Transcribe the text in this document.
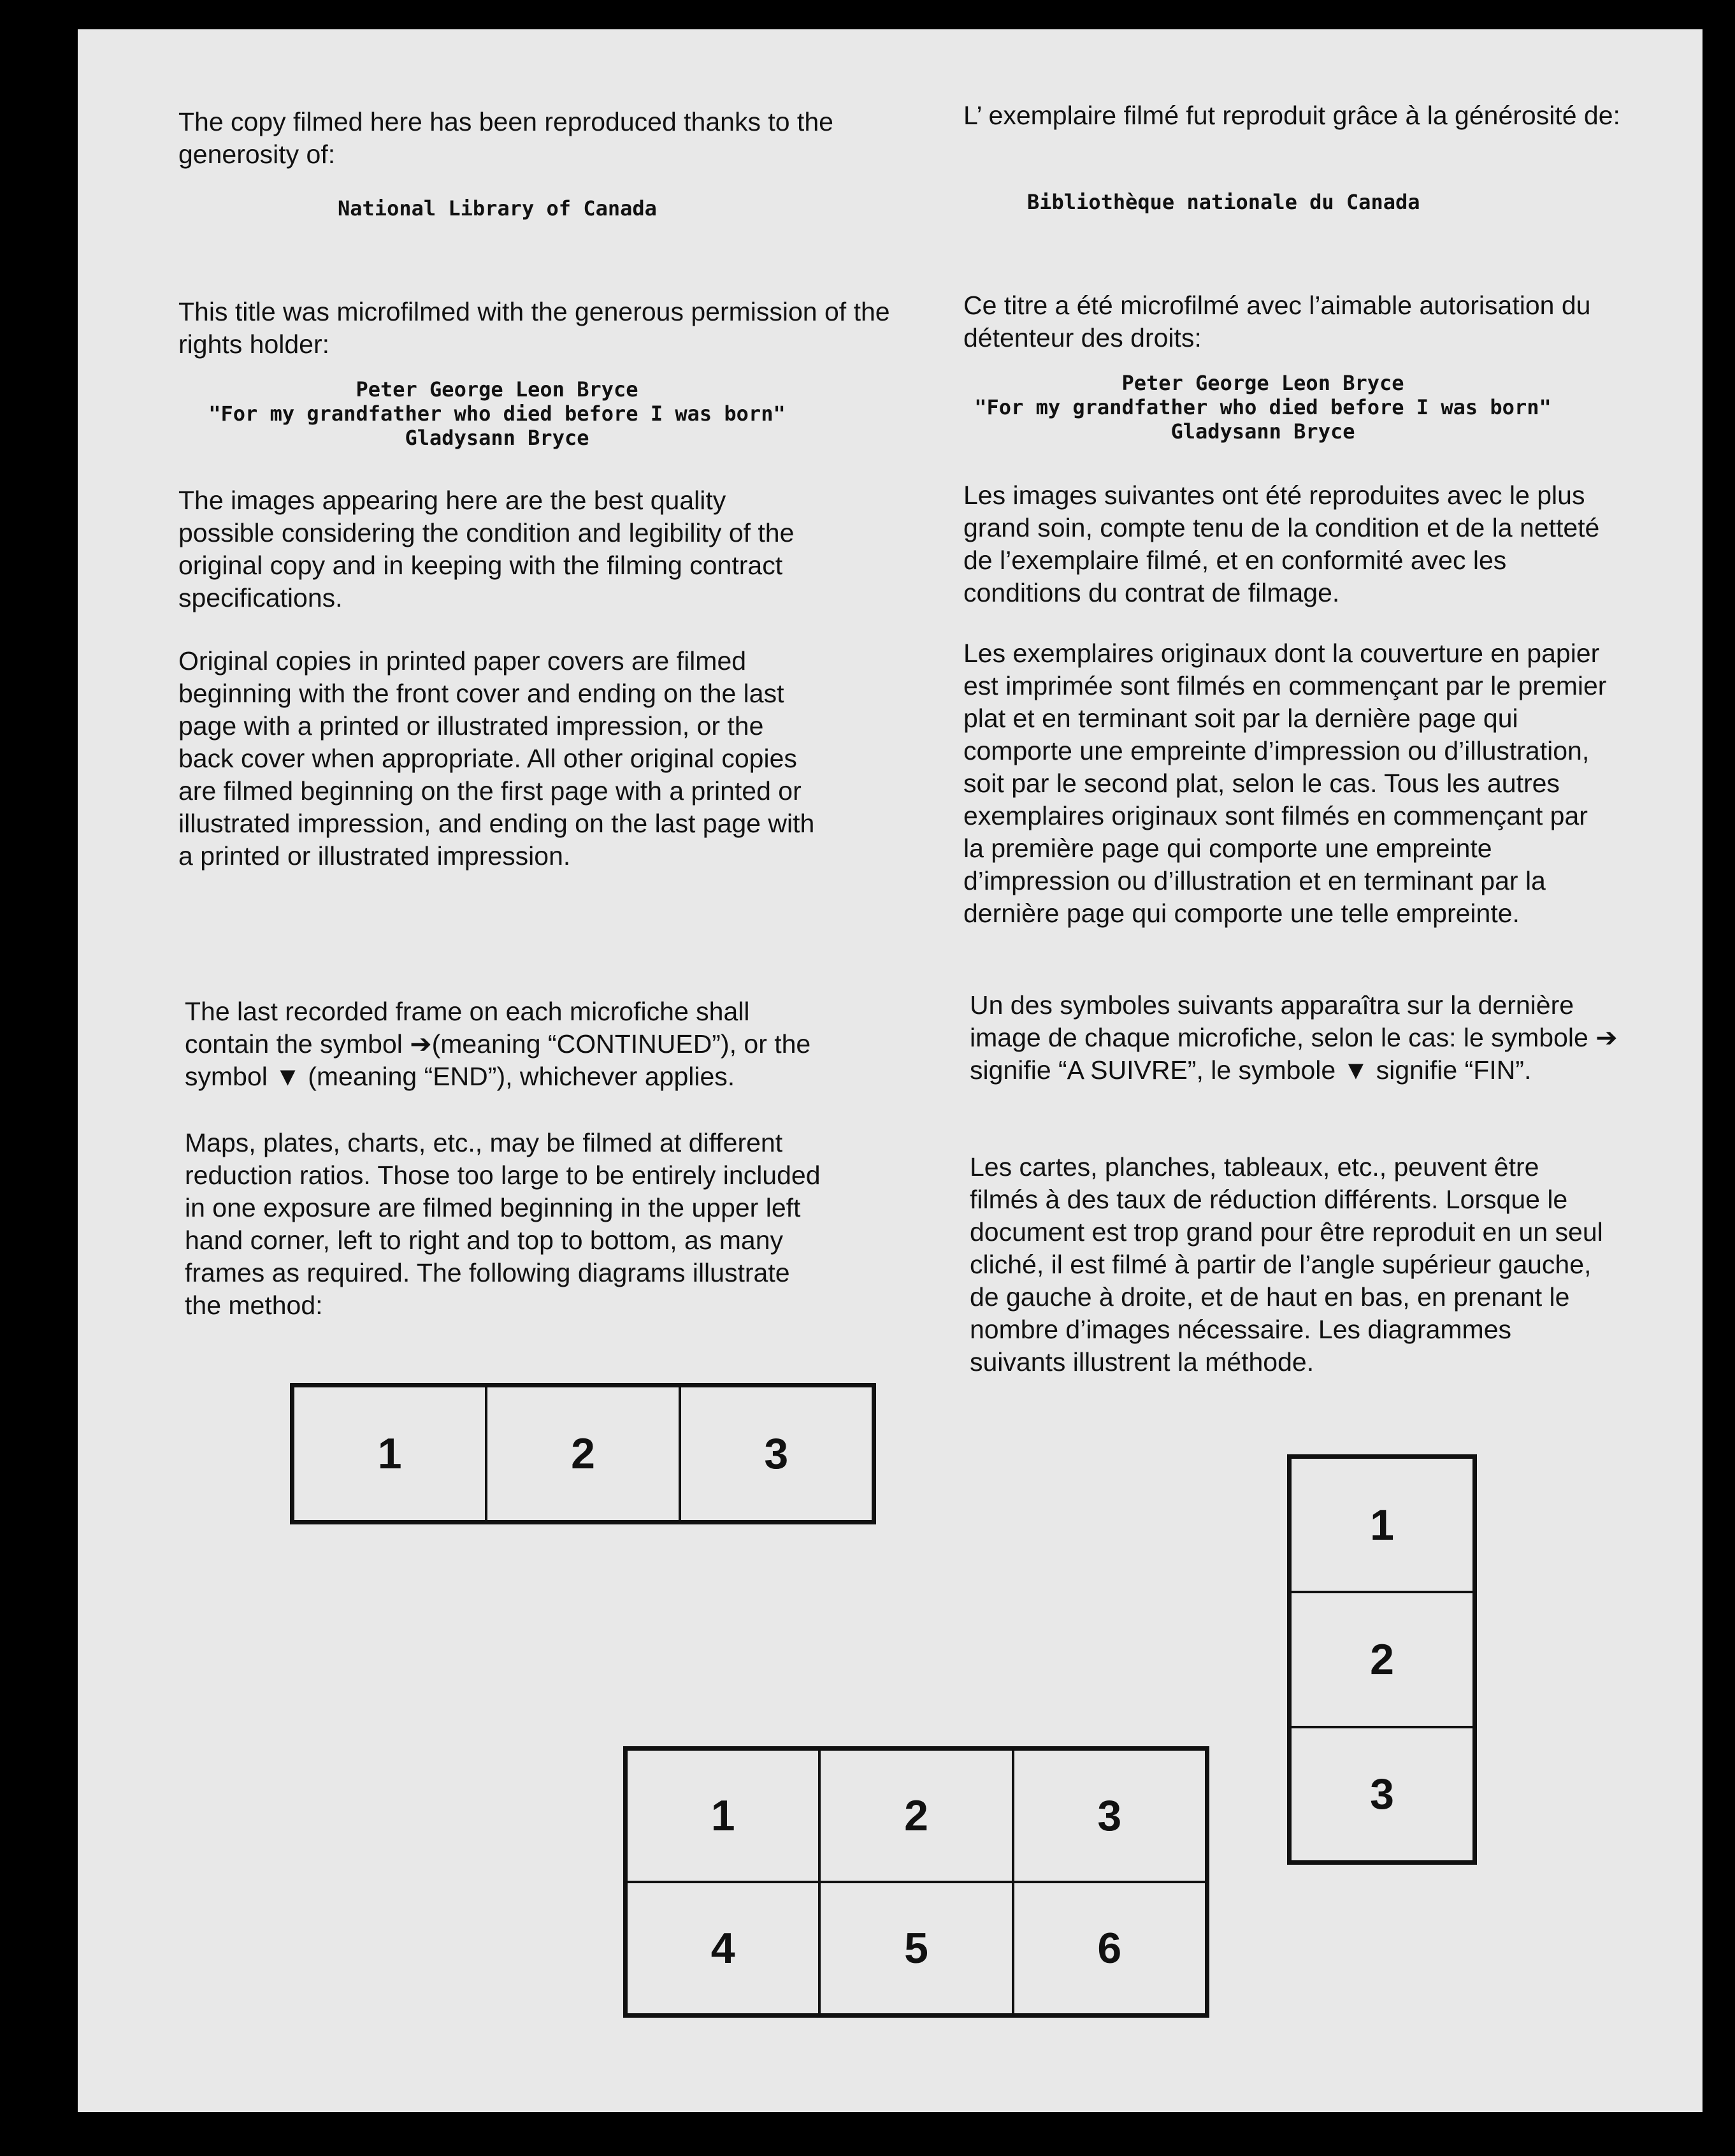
The copy filmed here has been reproduced thanks to the generosity of:

National Library of Canada

This title was microfilmed with the generous permission of the rights holder:

Peter George Leon Bryce
"For my grandfather who died before I was born"
Gladysann Bryce

The images appearing here are the best quality possible considering the condition and legibility of the original copy and in keeping with the filming contract specifications.

Original copies in printed paper covers are filmed beginning with the front cover and ending on the last page with a printed or illustrated impression, or the back cover when appropriate. All other original copies are filmed beginning on the first page with a printed or illustrated impression, and ending on the last page with a printed or illustrated impression.

The last recorded frame on each microfiche shall contain the symbol ➔(meaning “CONTINUED”), or the symbol ▼ (meaning “END”), whichever applies.

Maps, plates, charts, etc., may be filmed at different reduction ratios. Those too large to be entirely included in one exposure are filmed beginning in the upper left hand corner, left to right and top to bottom, as many frames as required. The following diagrams illustrate the method:

L’ exemplaire filmé fut reproduit grâce à la générosité de:

Bibliothèque nationale du Canada

Ce titre a été microfilmé avec l’aimable autorisation du détenteur des droits:

Peter George Leon Bryce
"For my grandfather who died before I was born"
Gladysann Bryce

Les images suivantes ont été reproduites avec le plus grand soin, compte tenu de la condition et de la netteté de l’exemplaire filmé, et en conformité avec les conditions du contrat de filmage.

Les exemplaires originaux dont la couverture en papier est imprimée sont filmés en commençant par le premier plat et en terminant soit par la dernière page qui comporte une empreinte d’impression ou d’illustration, soit par le second plat, selon le cas. Tous les autres exemplaires originaux sont filmés en commençant par la première page qui comporte une empreinte d’impression ou d’illustration et en terminant par la dernière page qui comporte une telle empreinte.

Un des symboles suivants apparaîtra sur la dernière image de chaque microfiche, selon le cas: le symbole ➔ signifie “A SUIVRE”, le symbole ▼ signifie “FIN”.

Les cartes, planches, tableaux, etc., peuvent être filmés à des taux de réduction différents. Lorsque le document est trop grand pour être reproduit en un seul cliché, il est filmé à partir de l’angle supérieur gauche, de gauche à droite, et de haut en bas, en prenant le nombre d’images nécessaire. Les diagrammes suivants illustrent la méthode.

1	2	3
1
2
3
1	2	3
4	5	6
